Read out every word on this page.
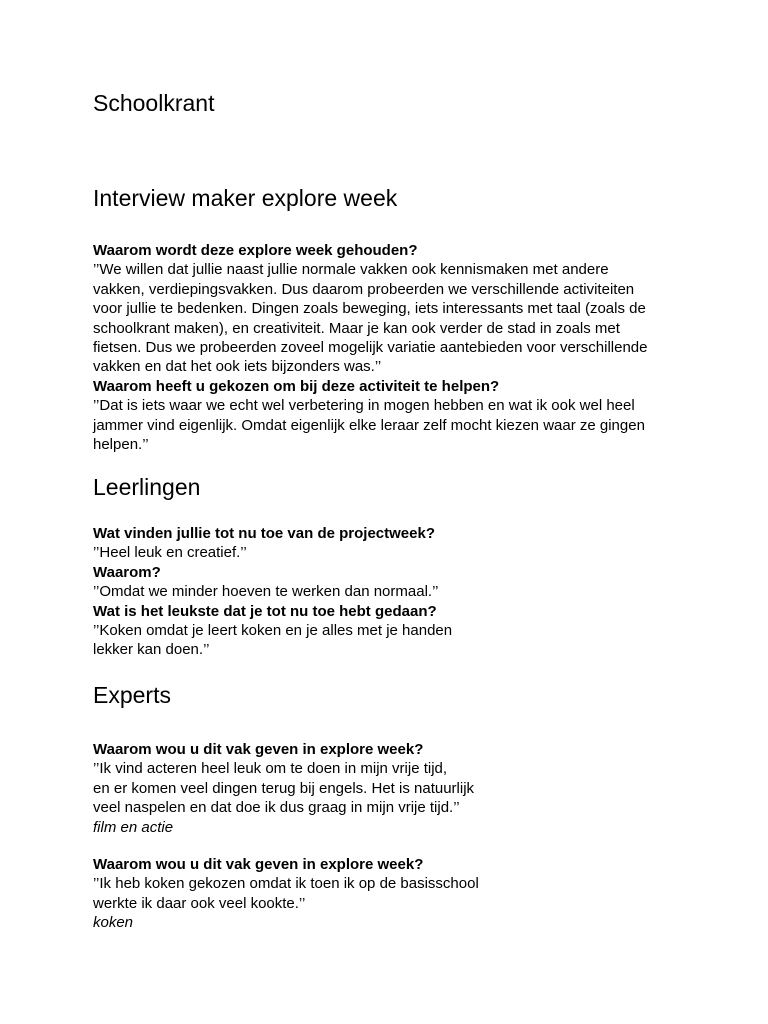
Schoolkrant
Interview maker explore week

Waarom wordt deze explore week gehouden?

’’We willen dat jullie naast jullie normale vakken ook kennismaken met andere
vakken, verdiepingsvakken. Dus daarom probeerden we verschillende activiteiten
voor jullie te bedenken. Dingen zoals beweging, iets interessants met taal (zoals de
schoolkrant maken), en creativiteit. Maar je kan ook verder de stad in zoals met
fietsen. Dus we probeerden zoveel mogelijk variatie aantebieden voor verschillende
vakken en dat het ook iets bijzonders was.’’

Waarom heeft u gekozen om bij deze activiteit te helpen?

’’Dat is iets waar we echt wel verbetering in mogen hebben en wat ik ook wel heel
jammer vind eigenlijk. Omdat eigenlijk elke leraar zelf mocht kiezen waar ze gingen
helpen.’’

Leerlingen

Wat vinden jullie tot nu toe van de projectweek?

’’Heel leuk en creatief.’’

Waarom?

’’Omdat we minder hoeven te werken dan normaal.’’

Wat is het leukste dat je tot nu toe hebt gedaan?

’’Koken omdat je leert koken en je alles met je handen
lekker kan doen.’’

Experts

Waarom wou u dit vak geven in explore week?

’’Ik vind acteren heel leuk om te doen in mijn vrije tijd,
en er komen veel dingen terug bij engels. Het is natuurlijk
veel naspelen en dat doe ik dus graag in mijn vrije tijd.’’

film en actie

Waarom wou u dit vak geven in explore week?

’’Ik heb koken gekozen omdat ik toen ik op de basisschool
werkte ik daar ook veel kookte.’’

koken
